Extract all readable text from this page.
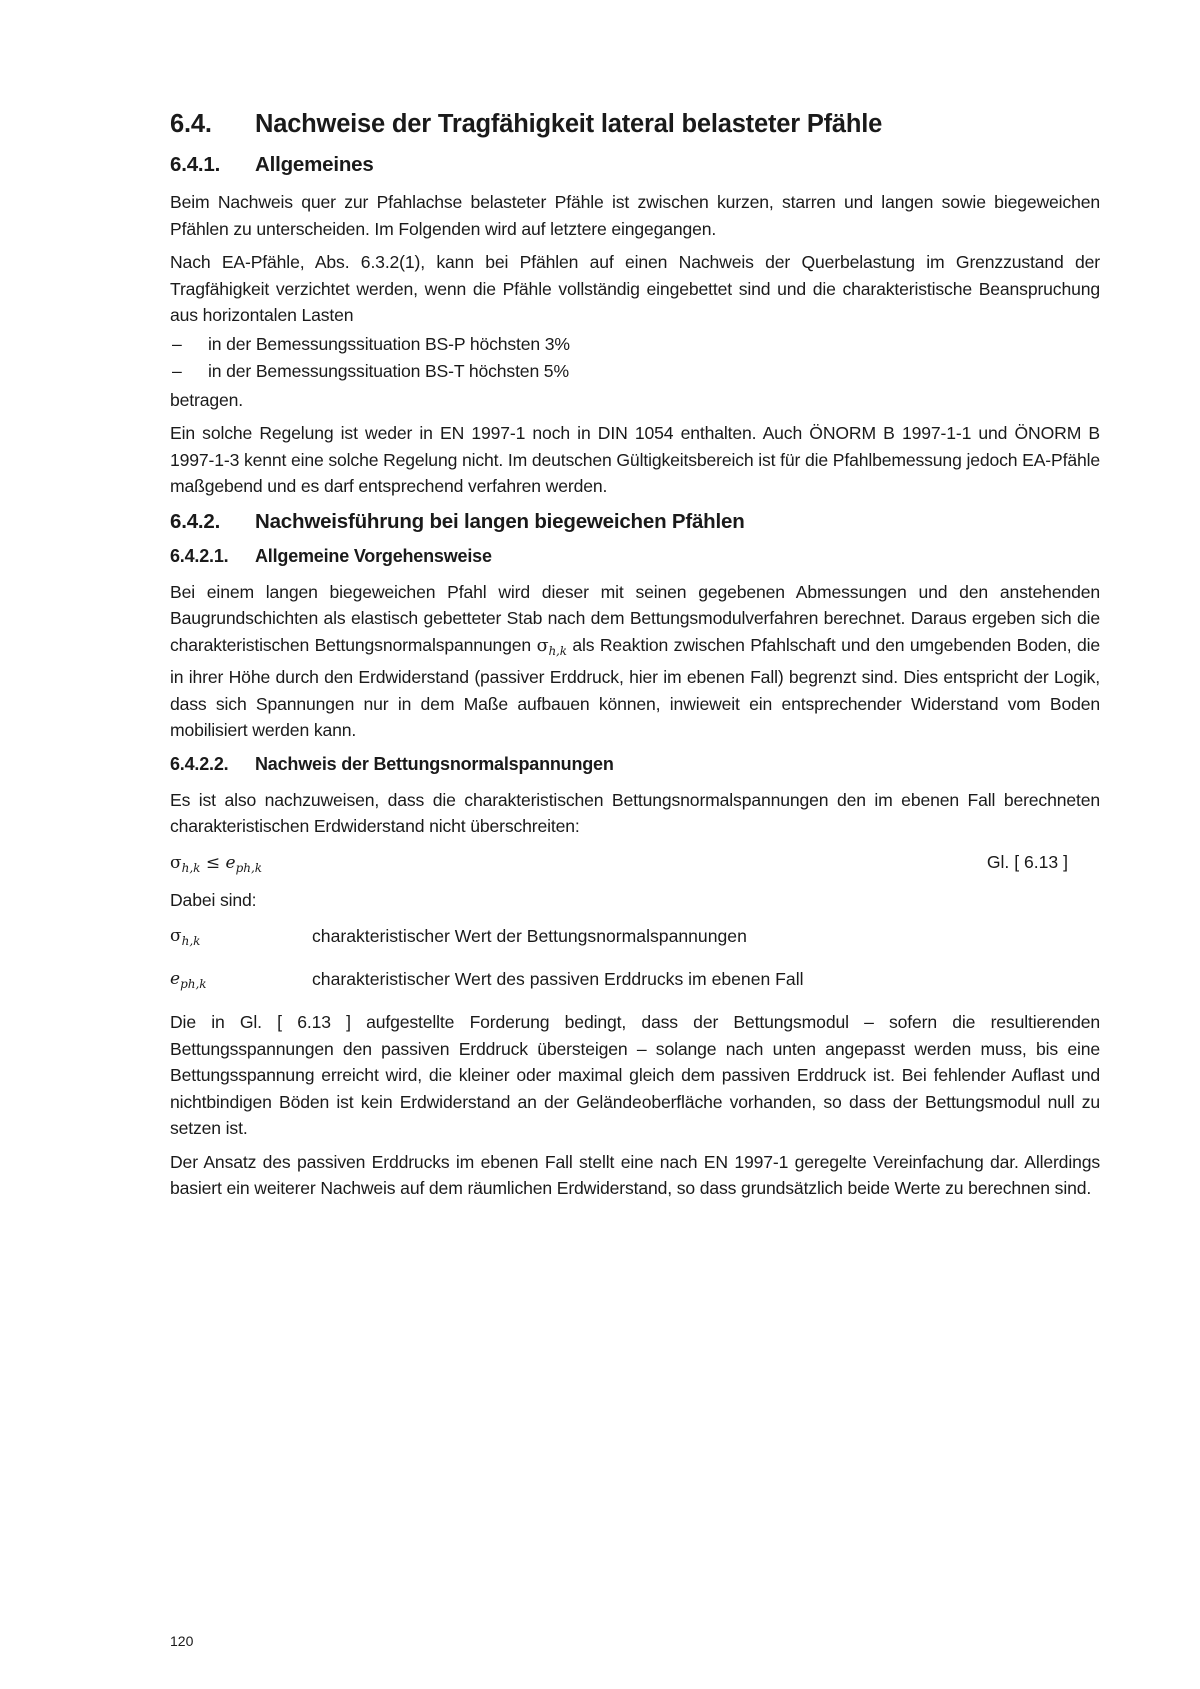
6.4.	Nachweise der Tragfähigkeit lateral belasteter Pfähle
6.4.1.	Allgemeines

Beim Nachweis quer zur Pfahlachse belasteter Pfähle ist zwischen kurzen, starren und langen sowie biegeweichen Pfählen zu unterscheiden. Im Folgenden wird auf letztere eingegangen.

Nach EA-Pfähle, Abs. 6.3.2(1), kann bei Pfählen auf einen Nachweis der Querbelastung im Grenzzustand der Tragfähigkeit verzichtet werden, wenn die Pfähle vollständig eingebettet sind und die charakteristische Beanspruchung aus horizontalen Lasten

–	in der Bemessungssituation BS-P höchsten 3%
–	in der Bemessungssituation BS-T höchsten 5%

betragen.

Ein solche Regelung ist weder in EN 1997-1 noch in DIN 1054 enthalten. Auch ÖNORM B 1997-1-1 und ÖNORM B 1997-1-3 kennt eine solche Regelung nicht. Im deutschen Gültigkeitsbereich ist für die Pfahlbemessung jedoch EA-Pfähle maßgebend und es darf entsprechend verfahren werden.

6.4.2.	Nachweisführung bei langen biegeweichen Pfählen
6.4.2.1.	Allgemeine Vorgehensweise

Bei einem langen biegeweichen Pfahl wird dieser mit seinen gegebenen Abmessungen und den anstehenden Baugrundschichten als elastisch gebetteter Stab nach dem Bettungsmodulverfahren berechnet. Daraus ergeben sich die charakteristischen Bettungsnormalspannungen $\sigma_{h,k}$ als Reaktion zwischen Pfahlschaft und den umgebenden Boden, die in ihrer Höhe durch den Erdwiderstand (passiver Erddruck, hier im ebenen Fall) begrenzt sind. Dies entspricht der Logik, dass sich Spannungen nur in dem Maße aufbauen können, inwieweit ein entsprechender Widerstand vom Boden mobilisiert werden kann.

6.4.2.2.	Nachweis der Bettungsnormalspannungen

Es ist also nachzuweisen, dass die charakteristischen Bettungsnormalspannungen den im ebenen Fall berechneten charakteristischen Erdwiderstand nicht überschreiten:

$\sigma_{h,k} \le e_{ph,k}$	Gl. [ 6.13 ]

Dabei sind:

$\sigma_{h,k}$	charakteristischer Wert der Bettungsnormalspannungen
$e_{ph,k}$	charakteristischer Wert des passiven Erddrucks im ebenen Fall

Die in Gl. [ 6.13 ] aufgestellte Forderung bedingt, dass der Bettungsmodul – sofern die resultierenden Bettungsspannungen den passiven Erddruck übersteigen – solange nach unten angepasst werden muss, bis eine Bettungsspannung erreicht wird, die kleiner oder maximal gleich dem passiven Erddruck ist. Bei fehlender Auflast und nichtbindigen Böden ist kein Erdwiderstand an der Geländeoberfläche vorhanden, so dass der Bettungsmodul null zu setzen ist.

Der Ansatz des passiven Erddrucks im ebenen Fall stellt eine nach EN 1997-1 geregelte Vereinfachung dar. Allerdings basiert ein weiterer Nachweis auf dem räumlichen Erdwiderstand, so dass grundsätzlich beide Werte zu berechnen sind.

120
